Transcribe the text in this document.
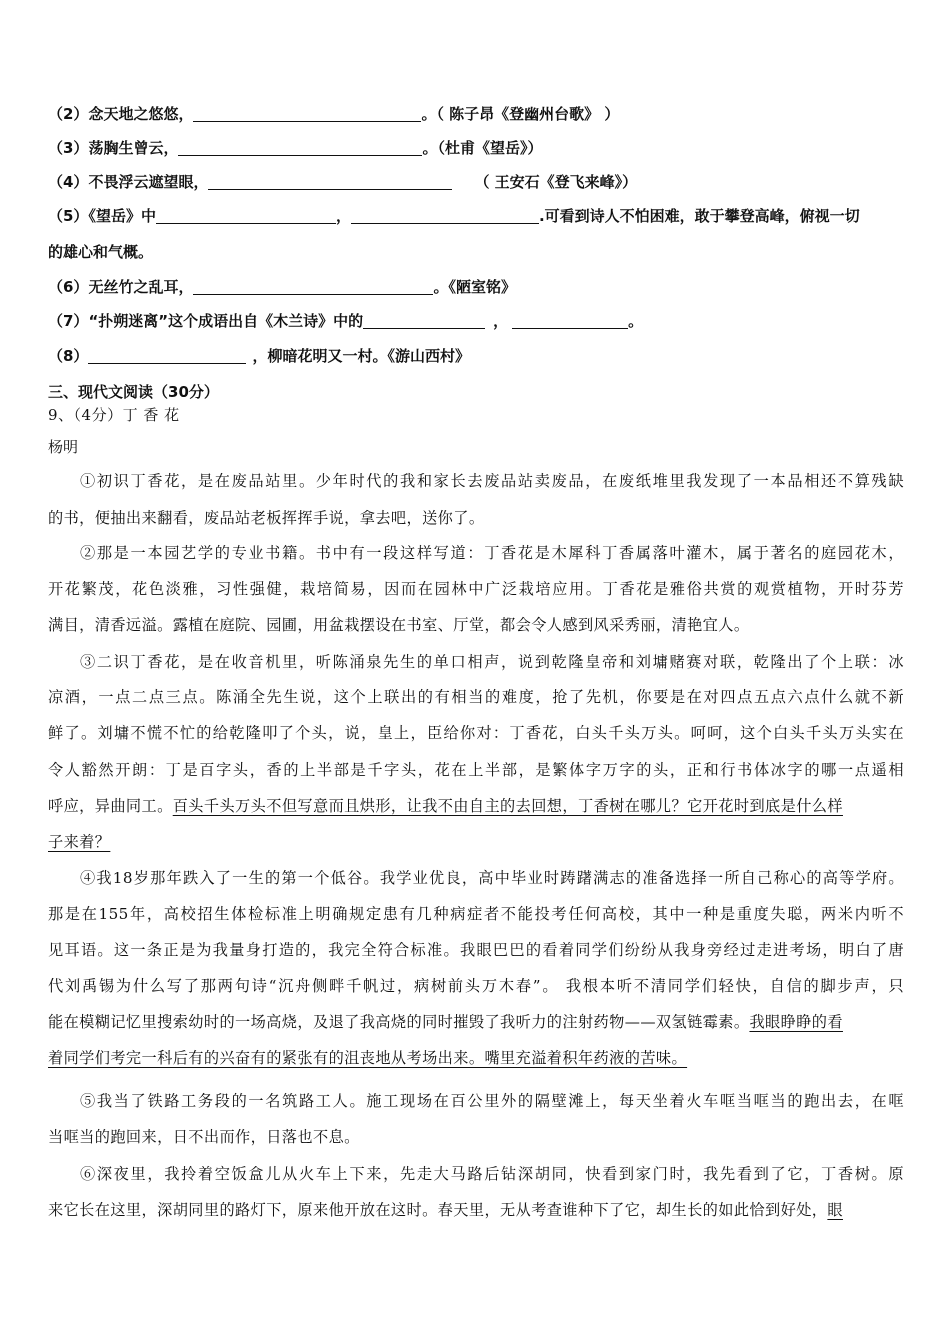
（2）念天地之悠悠，	。（ 陈子昂《登幽州台歌》 ）
（3）荡胸生曾云，	。（杜甫《望岳》）
（4）不畏浮云遮望眼，	（ 王安石《登飞来峰》）
（5）《望岳》中	，	.可看到诗人不怕困难，敢于攀登高峰，俯视一切
的雄心和气概。
（6）无丝竹之乱耳，	。《陋室铭》
（7）“扑朔迷离”这个成语出自《木兰诗》中的	，	。
（8）	，柳暗花明又一村。《游山西村》
三、现代文阅读（30分）
9、（4分）丁 香 花
杨明
①初识丁香花，是在废品站里。少年时代的我和家长去废品站卖废品，在废纸堆里我发现了一本品相还不算残缺
的书，便抽出来翻看，废品站老板挥挥手说，拿去吧，送你了。
②那是一本园艺学的专业书籍。书中有一段这样写道：丁香花是木犀科丁香属落叶灌木，属于著名的庭园花木，
开花繁茂，花色淡雅，习性强健，栽培简易，因而在园林中广泛栽培应用。丁香花是雅俗共赏的观赏植物，开时芬芳
满目，清香远溢。露植在庭院、园圃，用盆栽摆设在书室、厅堂，都会令人感到风采秀丽，清艳宜人。
③二识丁香花，是在收音机里，听陈涌泉先生的单口相声，说到乾隆皇帝和刘墉赌赛对联，乾隆出了个上联：冰
凉酒，一点二点三点。陈涌全先生说，这个上联出的有相当的难度，抢了先机，你要是在对四点五点六点什么就不新
鲜了。刘墉不慌不忙的给乾隆叩了个头，说，皇上，臣给你对：丁香花，白头千头万头。呵呵，这个白头千头万头实在
令人豁然开朗：丁是百字头，香的上半部是千字头，花在上半部，是繁体字万字的头，正和行书体冰字的哪一点遥相
呼应，异曲同工。百头千头万头不但写意而且烘形，让我不由自主的去回想，丁香树在哪儿？它开花时到底是什么样
子来着？
④我18岁那年跌入了一生的第一个低谷。我学业优良，高中毕业时踌躇满志的准备选择一所自己称心的高等学府。
那是在155年，高校招生体检标准上明确规定患有几种病症者不能投考任何高校，其中一种是重度失聪，两米内听不
见耳语。这一条正是为我量身打造的，我完全符合标准。我眼巴巴的看着同学们纷纷从我身旁经过走进考场，明白了唐
代刘禹锡为什么写了那两句诗“沉舟侧畔千帆过，病树前头万木春”。 我根本听不清同学们轻快，自信的脚步声，只
能在模糊记忆里搜索幼时的一场高烧，及退了我高烧的同时摧毁了我听力的注射药物——双氢链霉素。我眼睁睁的看
着同学们考完一科后有的兴奋有的紧张有的沮丧地从考场出来。嘴里充溢着积年药液的苦味。
⑤我当了铁路工务段的一名筑路工人。施工现场在百公里外的隔壁滩上，每天坐着火车哐当哐当的跑出去，在哐
当哐当的跑回来，日不出而作，日落也不息。
⑥深夜里，我拎着空饭盒儿从火车上下来，先走大马路后钻深胡同，快看到家门时，我先看到了它，丁香树。原
来它长在这里，深胡同里的路灯下，原来他开放在这时。春天里，无从考查谁种下了它，却生长的如此恰到好处，眼
